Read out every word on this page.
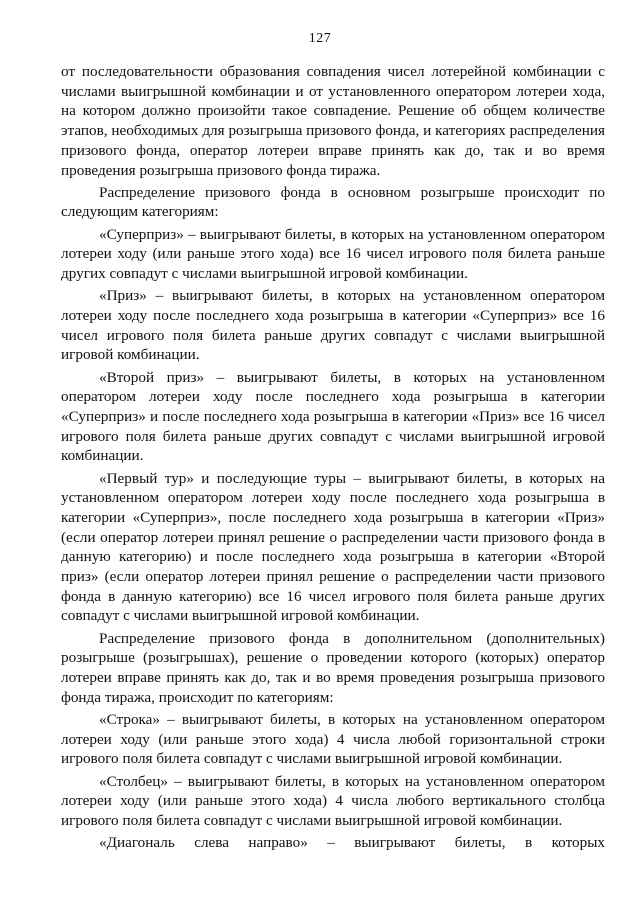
127

от последовательности образования совпадения чисел лотерейной комбинации с числами выигрышной комбинации и от установленного оператором лотереи хода, на котором должно произойти такое совпадение. Решение об общем количестве этапов, необходимых для розыгрыша призового фонда, и категориях распределения призового фонда, оператор лотереи вправе принять как до, так и во время проведения розыгрыша призового фонда тиража.

Распределение призового фонда в основном розыгрыше происходит по следующим категориям:

«Суперприз» – выигрывают билеты, в которых на установленном оператором лотереи ходу (или раньше этого хода) все 16 чисел игрового поля билета раньше других совпадут с числами выигрышной игровой комбинации.

«Приз» – выигрывают билеты, в которых на установленном оператором лотереи ходу после последнего хода розыгрыша в категории «Суперприз» все 16 чисел игрового поля билета раньше других совпадут с числами выигрышной игровой комбинации.

«Второй приз» – выигрывают билеты, в которых на установленном оператором лотереи ходу после последнего хода розыгрыша в категории «Суперприз» и после последнего хода розыгрыша в категории «Приз» все 16 чисел игрового поля билета раньше других совпадут с числами выигрышной игровой комбинации.

«Первый тур» и последующие туры – выигрывают билеты, в которых на установленном оператором лотереи ходу после последнего хода розыгрыша в категории «Суперприз», после последнего хода розыгрыша в категории «Приз» (если оператор лотереи принял решение о распределении части призового фонда в данную категорию) и после последнего хода розыгрыша в категории «Второй приз» (если оператор лотереи принял решение о распределении части призового фонда в данную категорию) все 16 чисел игрового поля билета раньше других совпадут с числами выигрышной игровой комбинации.

Распределение призового фонда в дополнительном (дополнительных) розыгрыше (розыгрышах), решение о проведении которого (которых) оператор лотереи вправе принять как до, так и во время проведения розыгрыша призового фонда тиража, происходит по категориям:

«Строка» – выигрывают билеты, в которых на установленном оператором лотереи ходу (или раньше этого хода) 4 числа любой горизонтальной строки игрового поля билета совпадут с числами выигрышной игровой комбинации.

«Столбец» – выигрывают билеты, в которых на установленном оператором лотереи ходу (или раньше этого хода) 4 числа любого вертикального столбца игрового поля билета совпадут с числами выигрышной игровой комбинации.

«Диагональ слева направо» – выигрывают билеты, в которых
